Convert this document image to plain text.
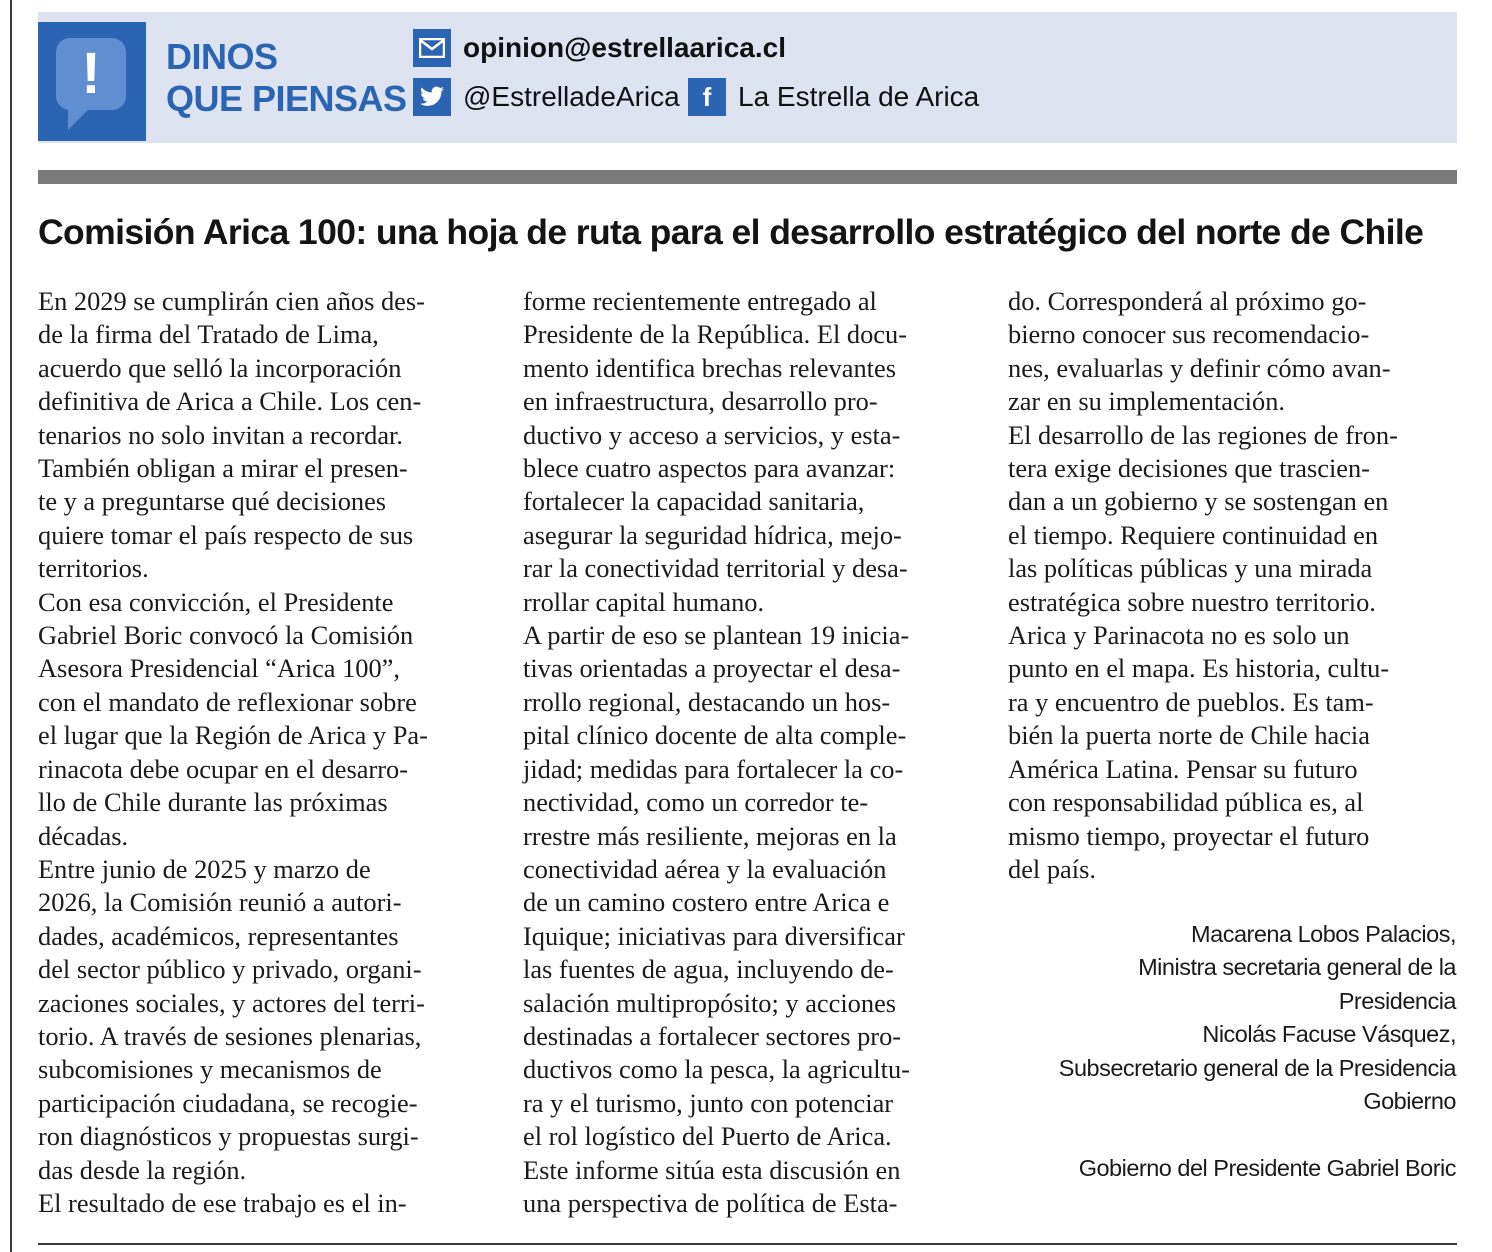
!	DINOS
QUE PIENSAS
opinion@estrellaarica.cl
@EstrelladeArica f La Estrella de Arica
Comisión Arica 100: una hoja de ruta para el desarrollo estratégico del norte de Chile
En 2029 se cumplirán cien años des-
de la firma del Tratado de Lima,
acuerdo que selló la incorporación
definitiva de Arica a Chile. Los cen-
tenarios no solo invitan a recordar.
También obligan a mirar el presen-
te y a preguntarse qué decisiones
quiere tomar el país respecto de sus
territorios.
Con esa convicción, el Presidente
Gabriel Boric convocó la Comisión
Asesora Presidencial “Arica 100”,
con el mandato de reflexionar sobre
el lugar que la Región de Arica y Pa-
rinacota debe ocupar en el desarro-
llo de Chile durante las próximas
décadas.
Entre junio de 2025 y marzo de
2026, la Comisión reunió a autori-
dades, académicos, representantes
del sector público y privado, organi-
zaciones sociales, y actores del terri-
torio. A través de sesiones plenarias,
subcomisiones y mecanismos de
participación ciudadana, se recogie-
ron diagnósticos y propuestas surgi-
das desde la región.
El resultado de ese trabajo es el in-
forme recientemente entregado al
Presidente de la República. El docu-
mento identifica brechas relevantes
en infraestructura, desarrollo pro-
ductivo y acceso a servicios, y esta-
blece cuatro aspectos para avanzar:
fortalecer la capacidad sanitaria,
asegurar la seguridad hídrica, mejo-
rar la conectividad territorial y desa-
rrollar capital humano.
A partir de eso se plantean 19 inicia-
tivas orientadas a proyectar el desa-
rrollo regional, destacando un hos-
pital clínico docente de alta comple-
jidad; medidas para fortalecer la co-
nectividad, como un corredor te-
rrestre más resiliente, mejoras en la
conectividad aérea y la evaluación
de un camino costero entre Arica e
Iquique; iniciativas para diversificar
las fuentes de agua, incluyendo de-
salación multipropósito; y acciones
destinadas a fortalecer sectores pro-
ductivos como la pesca, la agricultu-
ra y el turismo, junto con potenciar
el rol logístico del Puerto de Arica.
Este informe sitúa esta discusión en
una perspectiva de política de Esta-
do. Corresponderá al próximo go-
bierno conocer sus recomendacio-
nes, evaluarlas y definir cómo avan-
zar en su implementación.
El desarrollo de las regiones de fron-
tera exige decisiones que trascien-
dan a un gobierno y se sostengan en
el tiempo. Requiere continuidad en
las políticas públicas y una mirada
estratégica sobre nuestro territorio.
Arica y Parinacota no es solo un
punto en el mapa. Es historia, cultu-
ra y encuentro de pueblos. Es tam-
bién la puerta norte de Chile hacia
América Latina. Pensar su futuro
con responsabilidad pública es, al
mismo tiempo, proyectar el futuro
del país.
Macarena Lobos Palacios,
Ministra secretaria general de la
Presidencia
Nicolás Facuse Vásquez,
Subsecretario general de la Presidencia
Gobierno
Gobierno del Presidente Gabriel Boric
